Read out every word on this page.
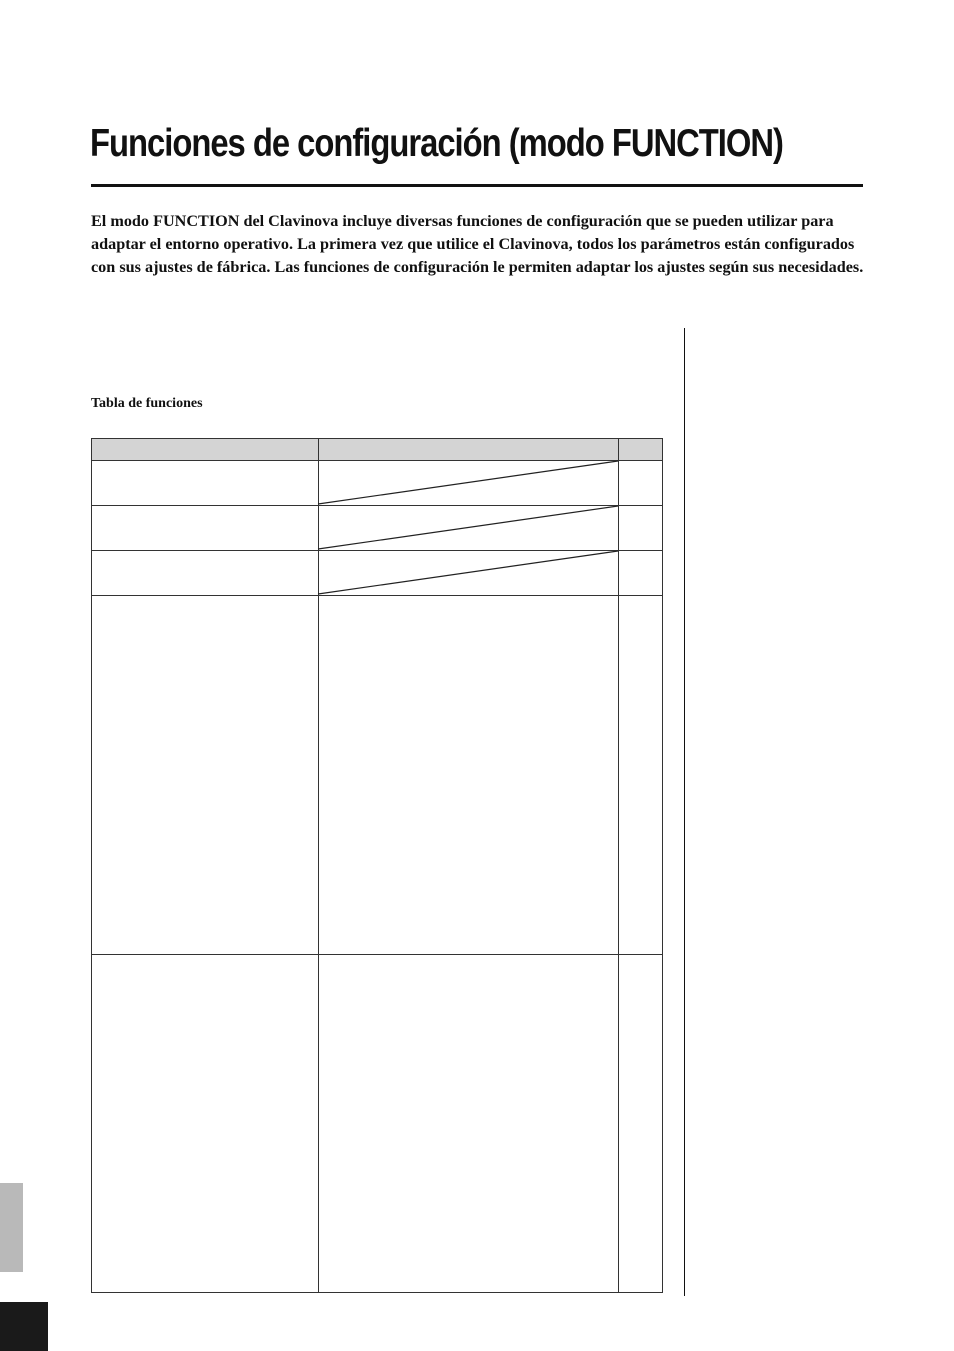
Funciones de configuración (modo FUNCTION)

El modo FUNCTION del Clavinova incluye diversas funciones de configuración que se pueden utilizar para adaptar el entorno operativo. La primera vez que utilice el Clavinova, todos los parámetros están configurados con sus ajustes de fábrica. Las funciones de configuración le permiten adaptar los ajustes según sus necesidades.

Tabla de funciones
